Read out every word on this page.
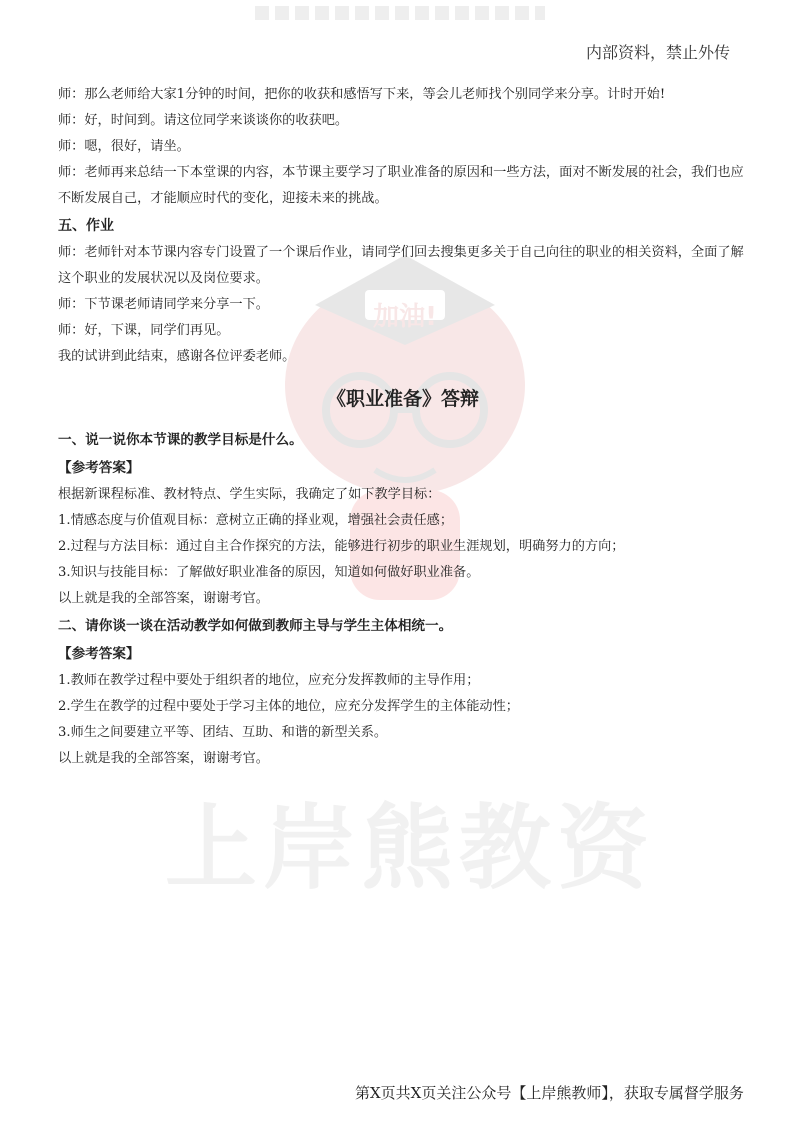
加油!
上岸熊教资
内部资料，禁止外传

师：那么老师给大家1分钟的时间，把你的收获和感悟写下来，等会儿老师找个别同学来分享。计时开始!

师：好，时间到。请这位同学来谈谈你的收获吧。

师：嗯，很好，请坐。

师：老师再来总结一下本堂课的内容，本节课主要学习了职业准备的原因和一些方法，面对不断发展的社会，我们也应不断发展自己，才能顺应时代的变化，迎接未来的挑战。

五、作业

师：老师针对本节课内容专门设置了一个课后作业，请同学们回去搜集更多关于自己向往的职业的相关资料，全面了解这个职业的发展状况以及岗位要求。

师：下节课老师请同学来分享一下。

师：好，下课，同学们再见。

我的试讲到此结束，感谢各位评委老师。

《职业准备》答辩

一、说一说你本节课的教学目标是什么。

【参考答案】

根据新课程标准、教材特点、学生实际，我确定了如下教学目标：

1.情感态度与价值观目标：意树立正确的择业观，增强社会责任感；

2.过程与方法目标：通过自主合作探究的方法，能够进行初步的职业生涯规划，明确努力的方向；

3.知识与技能目标：了解做好职业准备的原因，知道如何做好职业准备。

以上就是我的全部答案，谢谢考官。

二、请你谈一谈在活动教学如何做到教师主导与学生主体相统一。

【参考答案】

1.教师在教学过程中要处于组织者的地位，应充分发挥教师的主导作用；

2.学生在教学的过程中要处于学习主体的地位，应充分发挥学生的主体能动性；

3.师生之间要建立平等、团结、互助、和谐的新型关系。

以上就是我的全部答案，谢谢考官。

第X页共X页关注公众号【上岸熊教师】，获取专属督学服务
